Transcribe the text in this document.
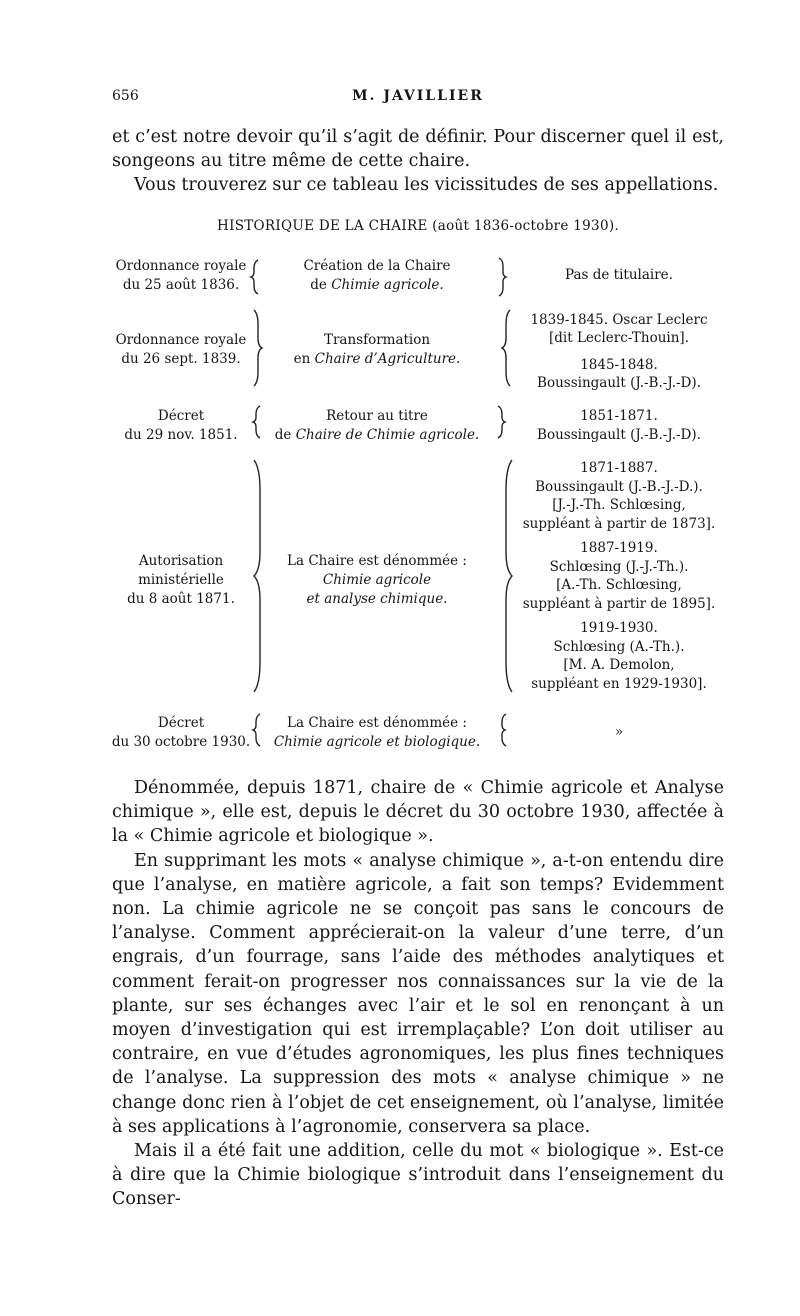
656	M. JAVILLIER

et c’est notre devoir qu’il s’agit de définir. Pour discerner quel il est, songeons au titre même de cette chaire.

Vous trouverez sur ce tableau les vicissitudes de ses appellations.

HISTORIQUE DE LA CHAIRE (août 1836-octobre 1930).
Ordonnance royale
du 25 août 1836.
Création de la Chaire
de Chimie agricole.
Pas de titulaire.
Ordonnance royale
du 26 sept. 1839.
Transformation
en Chaire d’Agriculture.
1839-1845. Oscar Leclerc
[dit Leclerc-Thouin].
1845-1848.
Boussingault (J.-B.-J.-D).
Décret
du 29 nov. 1851.
Retour au titre
de Chaire de Chimie agricole.
1851-1871.
Boussingault (J.-B.-J.-D).
Autorisation
ministérielle
du 8 août 1871.
La Chaire est dénommée :
Chimie agricole
et analyse chimique.
1871-1887.
Boussingault (J.-B.-J.-D.).
[J.-J.-Th. Schlœsing,
suppléant à partir de 1873].
1887-1919.
Schlœsing (J.-J.-Th.).
[A.-Th. Schlœsing,
suppléant à partir de 1895].
1919-1930.
Schlœsing (A.-Th.).
[M. A. Demolon,
suppléant en 1929-1930].
Décret
du 30 octobre 1930.
La Chaire est dénommée :
Chimie agricole et biologique.
»

Dénommée, depuis 1871, chaire de « Chimie agricole et Analyse chimique », elle est, depuis le décret du 30 octobre 1930, affectée à la « Chimie agricole et biologique ».

En supprimant les mots « analyse chimique », a-t-on entendu dire que l’analyse, en matière agricole, a fait son temps? Evidemment non. La chimie agricole ne se conçoit pas sans le concours de l’analyse. Comment apprécierait-on la valeur d’une terre, d’un engrais, d’un fourrage, sans l’aide des méthodes analytiques et comment ferait-on progresser nos connaissances sur la vie de la plante, sur ses échanges avec l’air et le sol en renonçant à un moyen d’investigation qui est irremplaçable? L’on doit utiliser au contraire, en vue d’études agronomiques, les plus fines techniques de l’analyse. La suppression des mots « analyse chimique » ne change donc rien à l’objet de cet enseignement, où l’analyse, limitée à ses applications à l’agronomie, conservera sa place.

Mais il a été fait une addition, celle du mot « biologique ». Est-ce à dire que la Chimie biologique s’introduit dans l’enseignement du Conser-
